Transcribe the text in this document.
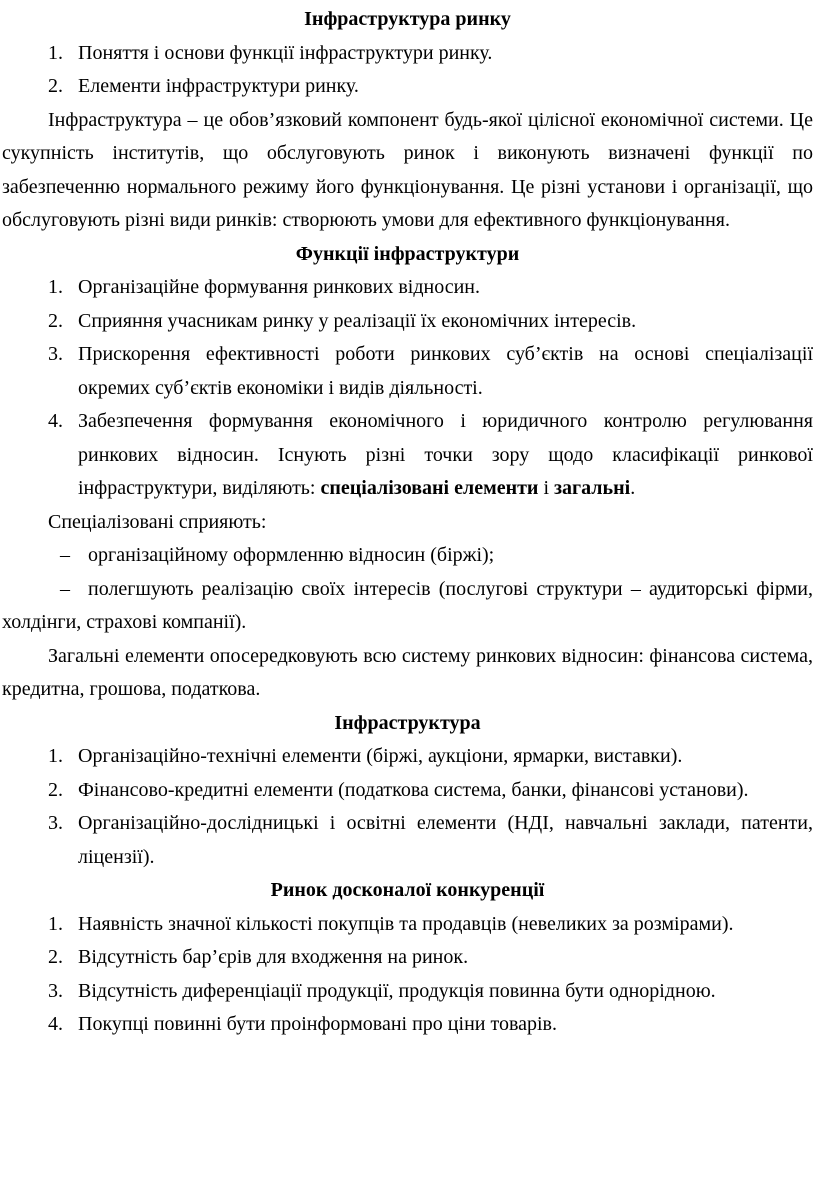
Інфраструктура ринку
1. Поняття і основи функції інфраструктури ринку.
2. Елементи інфраструктури ринку.

Інфраструктура – це обов’язковий компонент будь-якої цілісної економічної системи. Це сукупність інститутів, що обслуговують ринок і виконують визначені функції по забезпеченню нормального режиму його функціонування. Це різні установи і організації, що обслуговують різні види ринків: створюють умови для ефективного функціонування.

Функції інфраструктури
1. Організаційне формування ринкових відносин.
2. Сприяння учасникам ринку у реалізації їх економічних інтересів.
3. Прискорення ефективності роботи ринкових суб’єктів на основі спеціалізації окремих суб’єктів економіки і видів діяльності.
4. Забезпечення формування економічного і юридичного контролю регулювання ринкових відносин. Існують різні точки зору щодо класифікації ринкової інфраструктури, виділяють: спеціалізовані елементи і загальні.

Спеціалізовані сприяють:

– організаційному оформленню відносин (біржі);

– полегшують реалізацію своїх інтересів (послугові структури – аудиторські фірми, холдінги, страхові компанії).

Загальні елементи опосередковують всю систему ринкових відносин: фінансова система, кредитна, грошова, податкова.

Інфраструктура
1. Організаційно-технічні елементи (біржі, аукціони, ярмарки, виставки).
2. Фінансово-кредитні елементи (податкова система, банки, фінансові установи).
3. Організаційно-дослідницькі і освітні елементи (НДІ, навчальні заклади, патенти, ліцензії).
Ринок досконалої конкуренції
1. Наявність значної кількості покупців та продавців (невеликих за розмірами).
2. Відсутність бар’єрів для входження на ринок.
3. Відсутність диференціації продукції, продукція повинна бути однорідною.
4. Покупці повинні бути проінформовані про ціни товарів.
